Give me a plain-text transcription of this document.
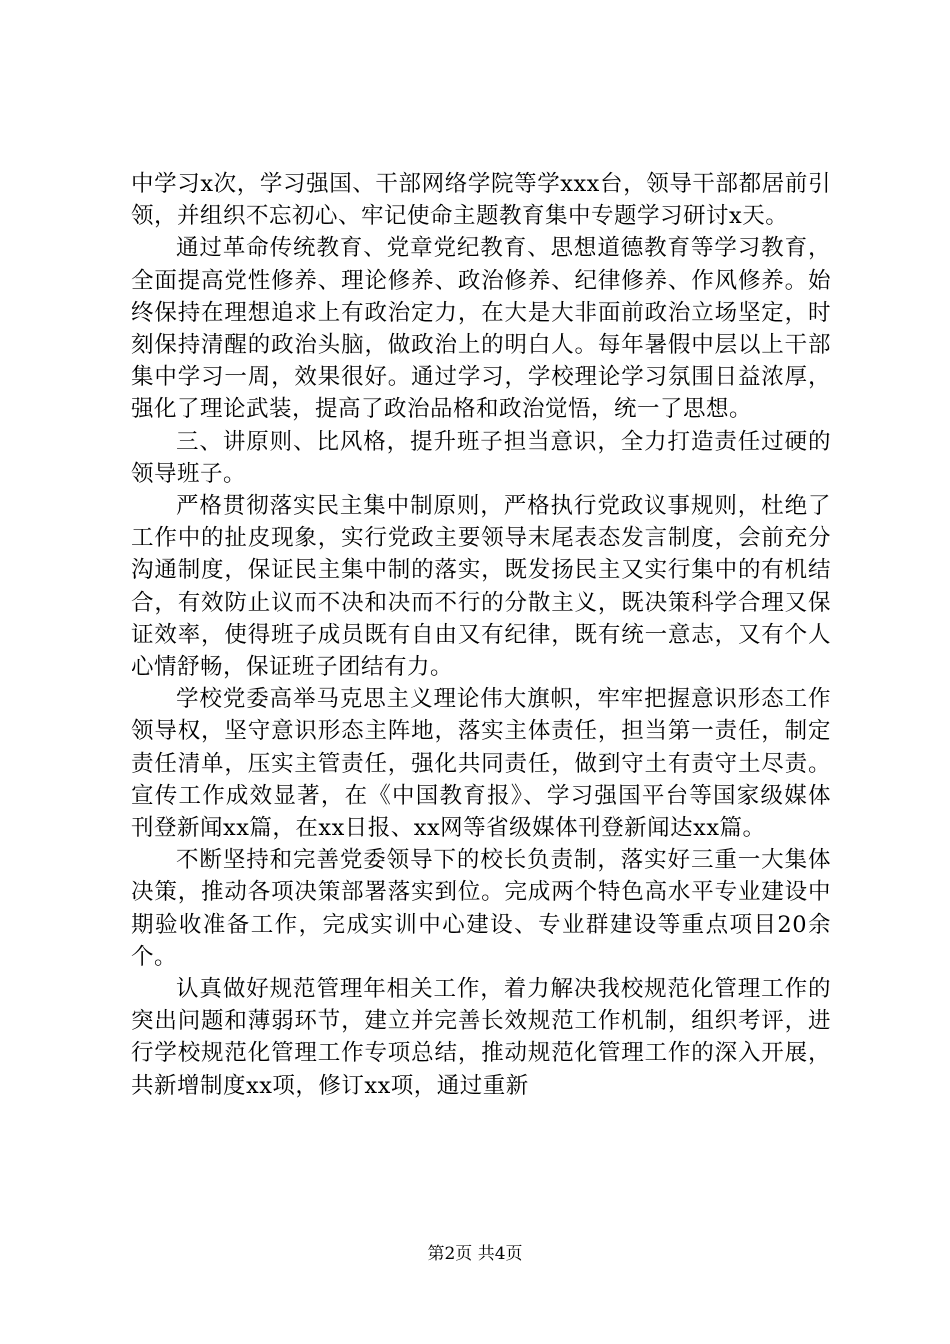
中学习x次，学习强国、干部网络学院等学xxx台，领导干部都居前引领，并组织不忘初心、牢记使命主题教育集中专题学习研讨x天。

通过革命传统教育、党章党纪教育、思想道德教育等学习教育，全面提高党性修养、理论修养、政治修养、纪律修养、作风修养。始终保持在理想追求上有政治定力，在大是大非面前政治立场坚定，时刻保持清醒的政治头脑，做政治上的明白人。每年暑假中层以上干部集中学习一周，效果很好。通过学习，学校理论学习氛围日益浓厚，强化了理论武装，提高了政治品格和政治觉悟，统一了思想。

三、讲原则、比风格，提升班子担当意识，全力打造责任过硬的领导班子。

严格贯彻落实民主集中制原则，严格执行党政议事规则，杜绝了工作中的扯皮现象，实行党政主要领导末尾表态发言制度，会前充分沟通制度，保证民主集中制的落实，既发扬民主又实行集中的有机结合，有效防止议而不决和决而不行的分散主义，既决策科学合理又保证效率，使得班子成员既有自由又有纪律，既有统一意志，又有个人心情舒畅，保证班子团结有力。

学校党委高举马克思主义理论伟大旗帜，牢牢把握意识形态工作领导权，坚守意识形态主阵地，落实主体责任，担当第一责任，制定责任清单，压实主管责任，强化共同责任，做到守土有责守土尽责。宣传工作成效显著，在《中国教育报》、学习强国平台等国家级媒体刊登新闻xx篇，在xx日报、xx网等省级媒体刊登新闻达xx篇。

不断坚持和完善党委领导下的校长负责制，落实好三重一大集体决策，推动各项决策部署落实到位。完成两个特色高水平专业建设中期验收准备工作，完成实训中心建设、专业群建设等重点项目20余个。

认真做好规范管理年相关工作，着力解决我校规范化管理工作的突出问题和薄弱环节，建立并完善长效规范工作机制，组织考评，进行学校规范化管理工作专项总结，推动规范化管理工作的深入开展，共新增制度xx项，修订xx项，通过重新

第2页 共4页
